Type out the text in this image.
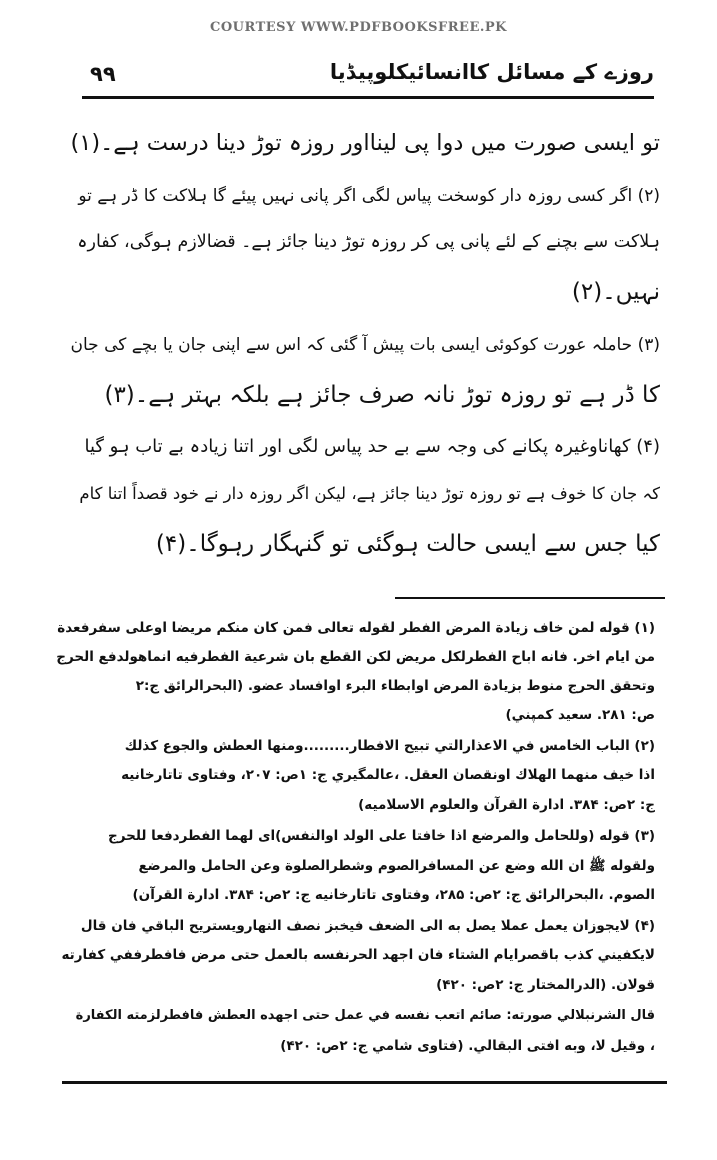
COURTESY WWW.PDFBOOKSFREE.PK
۹۹	روزے کے مسائل کاانسائیکلوپیڈیا
تو ایسی صورت میں دوا پی لینااور روزہ توڑ دینا درست ہے۔(۱)
(۲) اگر کسی روزہ دار کوسخت پیاس لگی اگر پانی نہیں پیئے گا ہلاکت کا ڈر ہے تو
ہلاکت سے بچنے کے لئے پانی پی کر روزہ توڑ دینا جائز ہے۔ قضالازم ہوگی، کفارہ
نہیں۔(۲)
(۳) حاملہ عورت کوکوئی ایسی بات پیش آ گئی کہ اس سے اپنی جان یا بچے کی جان
کا ڈر ہے تو روزہ توڑ نانہ صرف جائز ہے بلکہ بہتر ہے۔(۳)
(۴) کھاناوغیرہ پکانے کی وجہ سے بے حد پیاس لگی اور اتنا زیادہ بے تاب ہو گیا
کہ جان کا خوف ہے تو روزہ توڑ دینا جائز ہے، لیکن اگر روزہ دار نے خود قصداً اتنا کام
کیا جس سے ایسی حالت ہوگئی تو گنہگار رہوگا۔(۴)
(۱) قوله لمن خاف زيادة المرض الفطر لقوله تعالى فمن كان منكم مريضا اوعلى سفرفعدة
من ايام اخر. فانه اباح الفطرلكل مريض لكن القطع بان شرعية الفطرفيه انماهولدفع الحرج
وتحقق الحرج منوط بزيادة المرض اوابطاء البرء اوافساد عضو. (البحرالرائق ج:۲
ص: ۲۸۱. سعيد كمپني)
(۲) الباب الخامس في الاعذارالتي تبيح الافطار.........ومنها العطش والجوع كذلك
اذا خيف منهما الهلاك اونقصان العقل. ،عالمگيري ج: ۱ص: ۲۰۷، وفتاوى تاتارخانيه
ج: ۲ص: ۳۸۴. ادارة القرآن والعلوم الاسلاميه)
(۳) قوله (وللحامل والمرضع اذا خافتا على الولد اوالنفس)اى لهما الفطردفعا للحرج
ولقوله ﷺ ان الله وضع عن المسافرالصوم وشطرالصلوة وعن الحامل والمرضع
الصوم. ،البحرالرائق ج: ۲ص: ۲۸۵، وفتاوى تاتارخانيه ج: ۲ص: ۳۸۴. ادارة القرآن)
(۴) لايجوزان يعمل عملا يصل به الى الضعف فيخبز نصف النهارويستريح الباقي فان قال
لايكفيني كذب باقصرايام الشتاء فان اجهد الحرنفسه بالعمل حتى مرض فافطرففي كفارته
قولان. (الدرالمختار ج: ۲ص: ۴۲۰)
قال الشرنبلالي صورته: صائم اتعب نفسه في عمل حتى اجهده العطش فافطرلزمته الكفارة
، وقيل لا، وبه افتى البقالي. (فتاوى شامي ج: ۲ص: ۴۲۰)
